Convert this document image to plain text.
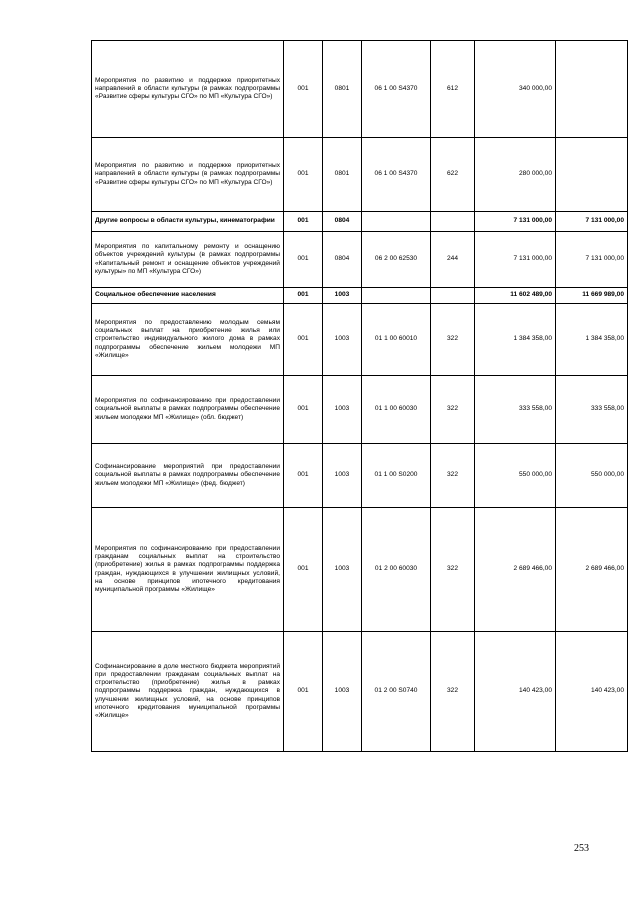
Мероприятия по развитию и поддержке приоритетных направлений в области культуры (в рамках подпрограммы «Развитие сферы культуры СГО» по МП «Культура СГО»)	001	0801	06 1 00 S4370	612	340 000,00	
Мероприятия по развитию и поддержке приоритетных направлений в области культуры (в рамках подпрограммы «Развитие сферы культуры СГО» по МП «Культура СГО»)	001	0801	06 1 00 S4370	622	280 000,00	
Другие вопросы в области культуры, кинематографии	001	0804			7 131 000,00	7 131 000,00
Мероприятия по капитальному ремонту и оснащению объектов учреждений культуры (в рамках подпрограммы «Капитальный ремонт и оснащение объектов учреждений культуры» по МП «Культура СГО»)	001	0804	06 2 00 62530	244	7 131 000,00	7 131 000,00
Социальное обеспечение населения	001	1003			11 602 489,00	11 669 989,00
Мероприятия по предоставлению молодым семьям социальных выплат на приобретение жилья или строительство индивидуального жилого дома в рамках подпрограммы обеспечение жильем молодежи МП «Жилище»	001	1003	01 1 00 60010	322	1 384 358,00	1 384 358,00
Мероприятия по софинансированию при предоставлении социальной выплаты в рамках подпрограммы обеспечение жильем молодежи МП «Жилище» (обл. бюджет)	001	1003	01 1 00 60030	322	333 558,00	333 558,00
Софинансирование мероприятий при предоставлении социальной выплаты в рамках подпрограммы обеспечение жильем молодежи МП «Жилище» (фед. бюджет)	001	1003	01 1 00 S0200	322	550 000,00	550 000,00
Мероприятия по софинансированию при предоставлении гражданам социальных выплат на строительство (приобретение) жилья в рамках подпрограммы поддержка граждан, нуждающихся в улучшении жилищных условий, на основе принципов ипотечного кредитования муниципальной программы «Жилище»	001	1003	01 2 00 60030	322	2 689 466,00	2 689 466,00
Софинансирование в доле местного бюджета мероприятий при предоставлении гражданам социальных выплат на строительство (приобретение) жилья в рамках подпрограммы поддержка граждан, нуждающихся в улучшении жилищных условий, на основе принципов ипотечного кредитования муниципальной программы «Жилище»	001	1003	01 2 00 S0740	322	140 423,00	140 423,00
253
